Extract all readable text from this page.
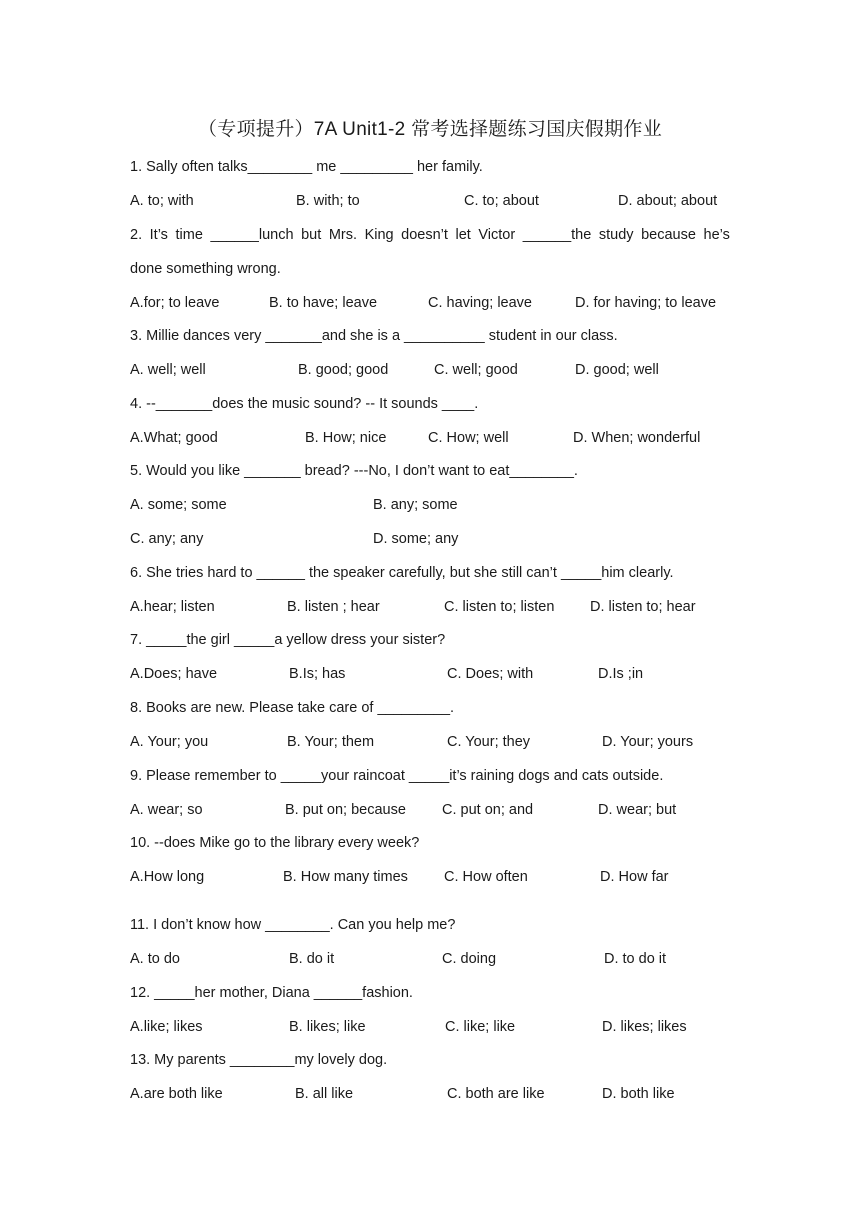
（专项提升）7A Unit1-2 常考选择题练习国庆假期作业
1. Sally often talks________ me _________ her family.
A. to; with	B. with; to	C. to; about	D. about; about
2. It’s time ______lunch but Mrs. King doesn’t let Victor ______the study because he’s
done something wrong.
A.for; to leave	B. to have; leave	C. having; leave	D. for having; to leave
3. Millie dances very _______and she is a __________ student in our class.
A. well; well	B. good; good	C. well; good	D. good; well
4. --_______does the music sound? -- It sounds ____.
A.What; good	B. How; nice	C. How; well	D. When; wonderful
5. Would you like _______ bread? ---No, I don’t want to eat________.
A. some; some	B. any; some
C. any; any	D. some; any
6. She tries hard to ______ the speaker carefully, but she still can’t _____him clearly.
A.hear; listen	B. listen ; hear	C. listen to; listen D. listen to; hear
7. _____the girl _____a yellow dress your sister?
A.Does; have	B.Is; has	C. Does; with	D.Is ;in
8. Books are new. Please take care of _________.
A. Your; you	B. Your; them	C. Your; they	D. Your; yours
9. Please remember to _____your raincoat _____it’s raining dogs and cats outside.
A. wear; so	B. put on; because C. put on; and	D. wear; but
10. --does Mike go to the library every week?
A.How long	B. How many times C. How often	D. How far
11. I don’t know how ________. Can you help me?
A. to do	B. do it	C. doing	D. to do it
12. _____her mother, Diana ______fashion.
A.like; likes	B. likes; like	C. like; like	D. likes; likes
13. My parents ________my lovely dog.
A.are both like	B. all like	C. both are like	D. both like
